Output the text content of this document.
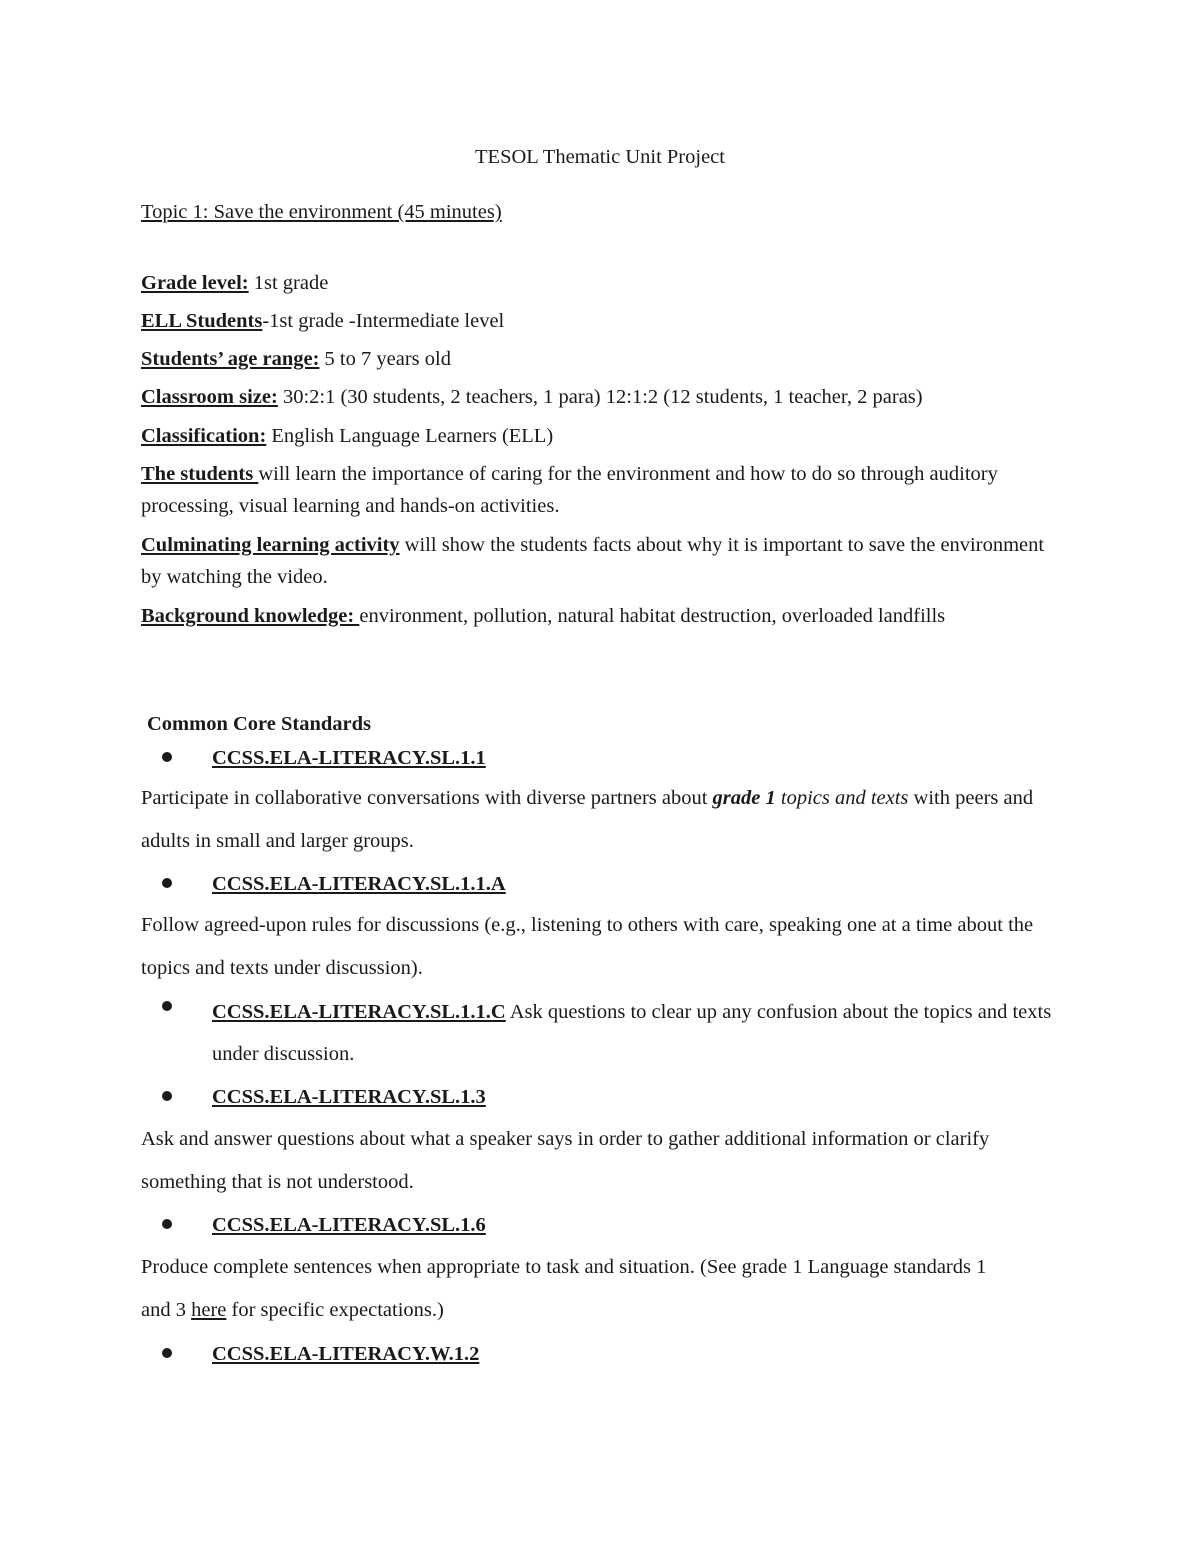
TESOL Thematic Unit Project
Topic 1: Save the environment (45 minutes)
Grade level: 1st grade
ELL Students-1st grade -Intermediate level
Students’ age range: 5 to 7 years old
Classroom size: 30:2:1 (30 students, 2 teachers, 1 para) 12:1:2 (12 students, 1 teacher, 2 paras)
Classification: English Language Learners (ELL)
The students will learn the importance of caring for the environment and how to do so through auditory processing, visual learning and hands-on activities.
Culminating learning activity will show the students facts about why it is important to save the environment by watching the video.
Background knowledge: environment, pollution, natural habitat destruction, overloaded landfills
Common Core Standards
CCSS.ELA-LITERACY.SL.1.1
Participate in collaborative conversations with diverse partners about grade 1 topics and texts with peers and adults in small and larger groups.
CCSS.ELA-LITERACY.SL.1.1.A
Follow agreed-upon rules for discussions (e.g., listening to others with care, speaking one at a time about the topics and texts under discussion).
CCSS.ELA-LITERACY.SL.1.1.C Ask questions to clear up any confusion about the topics and texts under discussion.
CCSS.ELA-LITERACY.SL.1.3
Ask and answer questions about what a speaker says in order to gather additional information or clarify something that is not understood.
CCSS.ELA-LITERACY.SL.1.6
Produce complete sentences when appropriate to task and situation. (See grade 1 Language standards 1 and 3 here for specific expectations.)
CCSS.ELA-LITERACY.W.1.2
